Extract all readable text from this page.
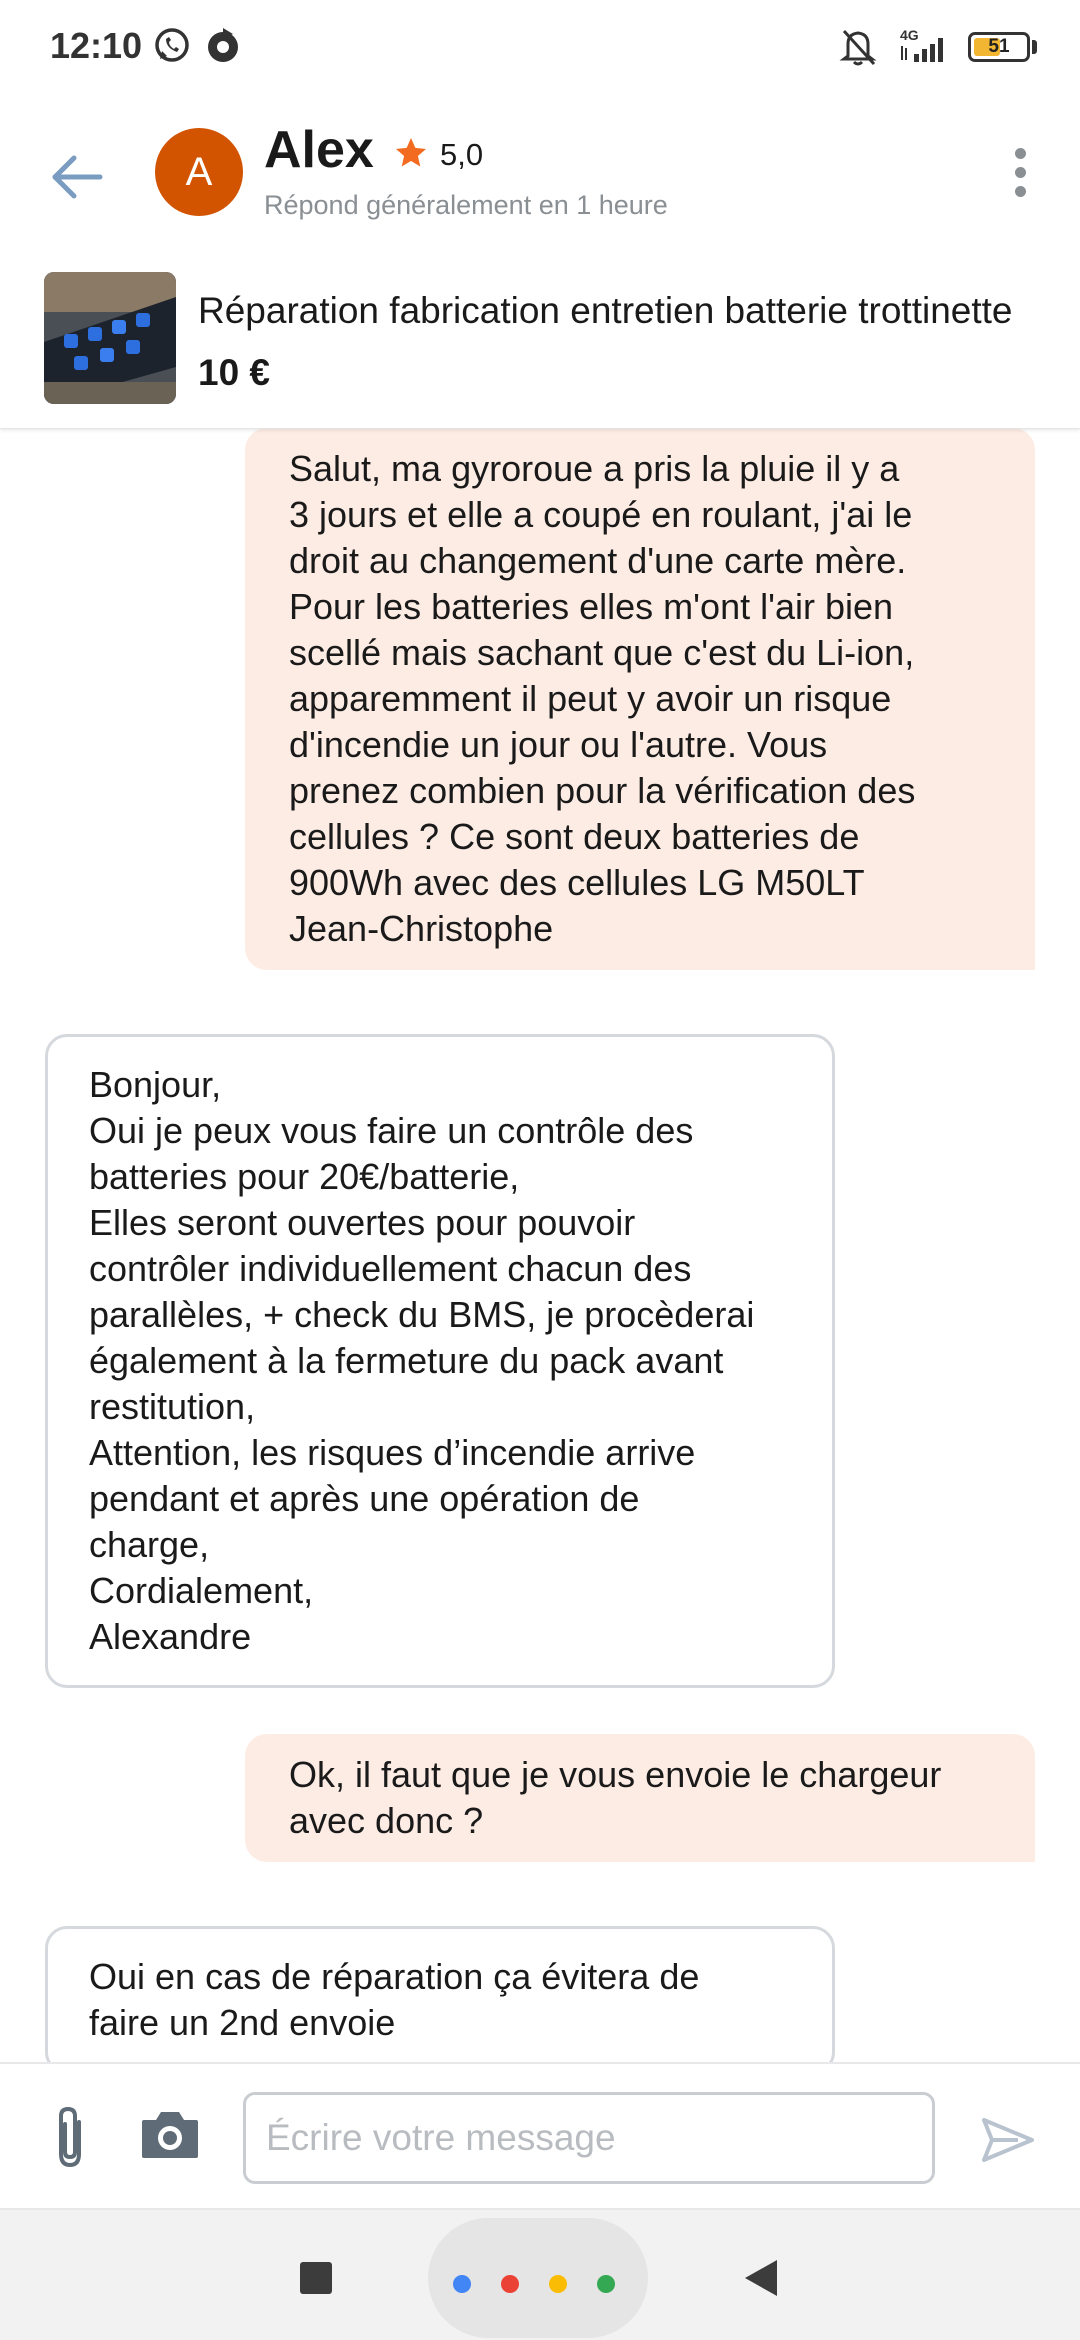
12:10	4G
51
A Alex 5,0
Répond généralement en 1 heure
Réparation fabrication entretien batterie trottinette
10 €
Salut, ma gyroroue a pris la pluie il y a
3 jours et elle a coupé en roulant, j'ai le
droit au changement d'une carte mère.
Pour les batteries elles m'ont l'air bien
scellé mais sachant que c'est du Li-ion,
apparemment il peut y avoir un risque
d'incendie un jour ou l'autre. Vous
prenez combien pour la vérification des
cellules ? Ce sont deux batteries de
900Wh avec des cellules LG M50LT
Jean-Christophe
Bonjour,
Oui je peux vous faire un contrôle des
batteries pour 20€/batterie,
Elles seront ouvertes pour pouvoir
contrôler individuellement chacun des
parallèles, + check du BMS, je procèderai
également à la fermeture du pack avant
restitution,
Attention, les risques d’incendie arrive
pendant et après une opération de
charge,
Cordialement,
Alexandre
Ok, il faut que je vous envoie le chargeur
avec donc ?
Oui en cas de réparation ça évitera de
faire un 2nd envoie
Écrire votre message
